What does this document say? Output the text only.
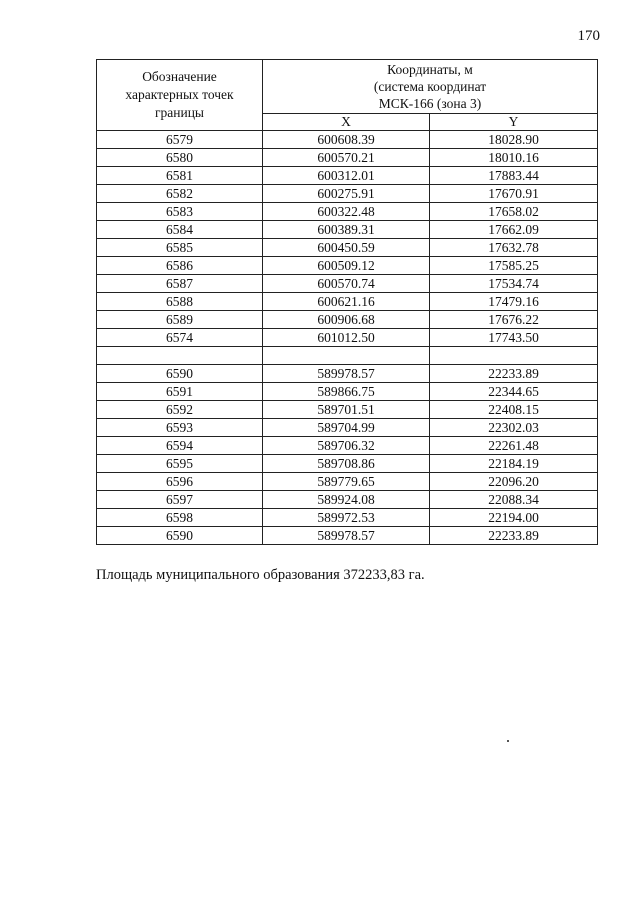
170
Обозначение характерных точек границы	Координаты, м
(система координат
МСК-166 (зона 3)	

	X	Y
6579	600608.39	18028.90
6580	600570.21	18010.16
6581	600312.01	17883.44
6582	600275.91	17670.91
6583	600322.48	17658.02
6584	600389.31	17662.09
6585	600450.59	17632.78
6586	600509.12	17585.25
6587	600570.74	17534.74
6588	600621.16	17479.16
6589	600906.68	17676.22
6574	601012.50	17743.50

6590	589978.57	22233.89
6591	589866.75	22344.65
6592	589701.51	22408.15
6593	589704.99	22302.03
6594	589706.32	22261.48
6595	589708.86	22184.19
6596	589779.65	22096.20
6597	589924.08	22088.34
6598	589972.53	22194.00
6590	589978.57	22233.89
Площадь муниципального образования 372233,83 га.
